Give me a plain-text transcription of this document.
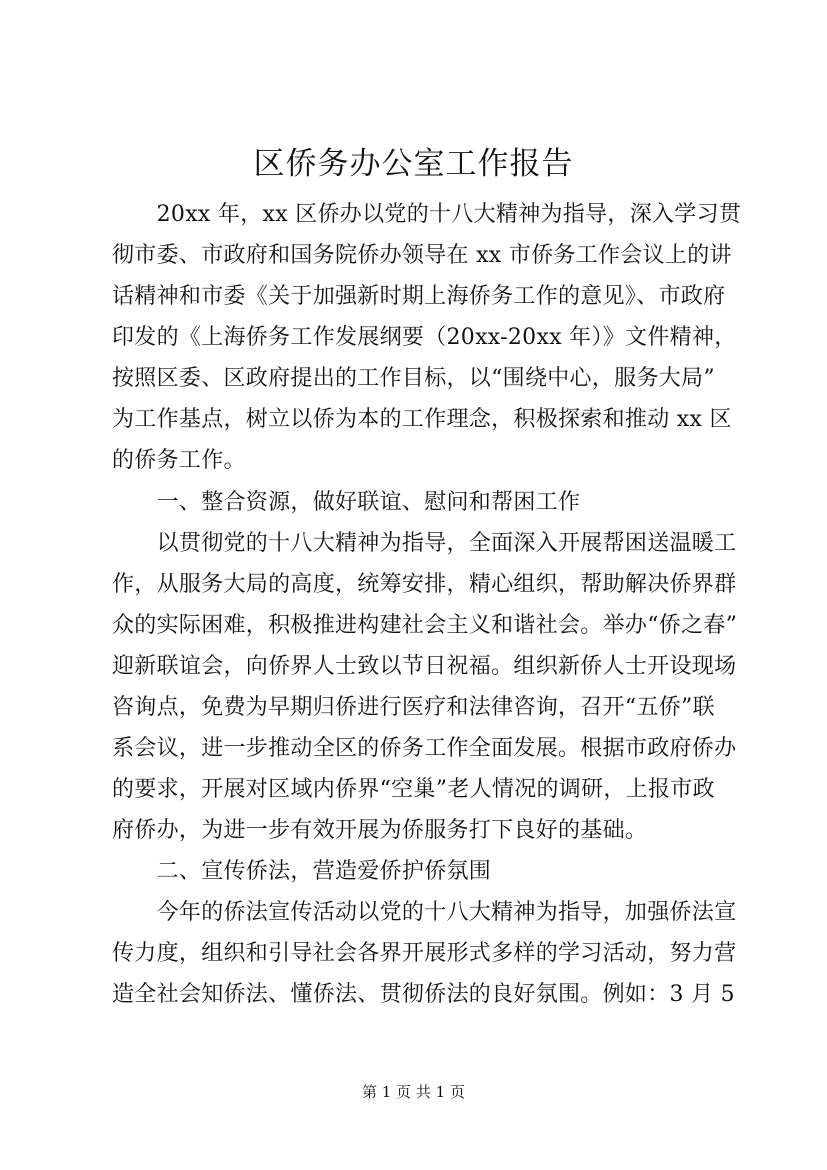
区侨务办公室工作报告
　　20xx 年，xx 区侨办以党的十八大精神为指导，深入学习贯
彻市委、市政府和国务院侨办领导在 xx 市侨务工作会议上的讲
话精神和市委《关于加强新时期上海侨务工作的意见》、市政府
印发的《上海侨务工作发展纲要（20xx-20xx 年）》文件精神，
按照区委、区政府提出的工作目标，以“围绕中心，服务大局”
为工作基点，树立以侨为本的工作理念，积极探索和推动 xx 区
的侨务工作。
　　一、整合资源，做好联谊、慰问和帮困工作
　　以贯彻党的十八大精神为指导，全面深入开展帮困送温暖工
作，从服务大局的高度，统筹安排，精心组织，帮助解决侨界群
众的实际困难，积极推进构建社会主义和谐社会。举办“侨之春”
迎新联谊会，向侨界人士致以节日祝福。组织新侨人士开设现场
咨询点，免费为早期归侨进行医疗和法律咨询，召开“五侨”联
系会议，进一步推动全区的侨务工作全面发展。根据市政府侨办
的要求，开展对区域内侨界“空巢”老人情况的调研，上报市政
府侨办，为进一步有效开展为侨服务打下良好的基础。
　　二、宣传侨法，营造爱侨护侨氛围
　　今年的侨法宣传活动以党的十八大精神为指导，加强侨法宣
传力度，组织和引导社会各界开展形式多样的学习活动，努力营
造全社会知侨法、懂侨法、贯彻侨法的良好氛围。例如：3 月 5
第 1 页 共 1 页
